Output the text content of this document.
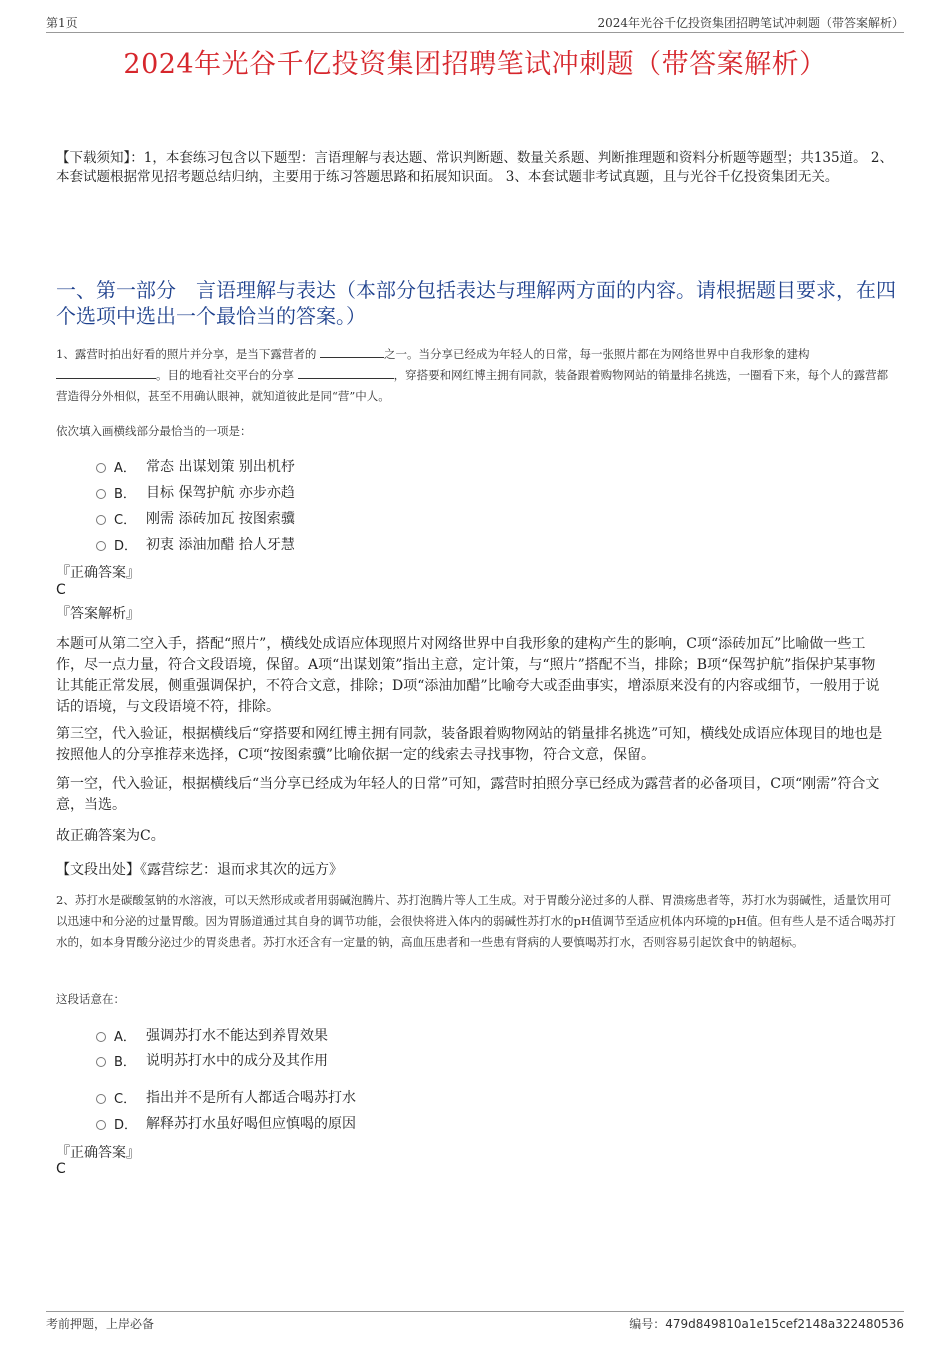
第1页	2024年光谷千亿投资集团招聘笔试冲刺题（带答案解析）
2024年光谷千亿投资集团招聘笔试冲刺题（带答案解析）
【下载须知】：1，本套练习包含以下题型：言语理解与表达题、常识判断题、数量关系题、判断推理题和资料分析题等题型；共135道。 2、本套试题根据常见招考题总结归纳，主要用于练习答题思路和拓展知识面。 3、本套试题非考试真题，且与光谷千亿投资集团无关。
一、第一部分　言语理解与表达（本部分包括表达与理解两方面的内容。请根据题目要求，在四个选项中选出一个最恰当的答案。）
1、露营时拍出好看的照片并分享，是当下露营者的	之一。当分享已经成为年轻人的日常，每一张照片都在为网络世界中自我形象的建构 。目的地看社交平台的分享	，穿搭要和网红博主拥有同款，装备跟着购物网站的销量排名挑选，一圈看下来，每个人的露营都营造得分外相似，甚至不用确认眼神，就知道彼此是同“营”中人。
依次填入画横线部分最恰当的一项是：
A． 常态 出谋划策 别出机杼
B． 目标 保驾护航 亦步亦趋
C． 刚需 添砖加瓦 按图索骥
D． 初衷 添油加醋 拾人牙慧
『正确答案』
C
『答案解析』
本题可从第二空入手，搭配“照片”，横线处成语应体现照片对网络世界中自我形象的建构产生的影响，C项“添砖加瓦”比喻做一些工作，尽一点力量，符合文段语境，保留。A项“出谋划策”指出主意，定计策，与“照片”搭配不当，排除；B项“保驾护航”指保护某事物让其能正常发展，侧重强调保护，不符合文意，排除；D项“添油加醋”比喻夸大或歪曲事实，增添原来没有的内容或细节，一般用于说话的语境，与文段语境不符，排除。
第三空，代入验证，根据横线后“穿搭要和网红博主拥有同款，装备跟着购物网站的销量排名挑选”可知，横线处成语应体现目的地也是按照他人的分享推荐来选择，C项“按图索骥”比喻依据一定的线索去寻找事物，符合文意，保留。
第一空，代入验证，根据横线后“当分享已经成为年轻人的日常”可知，露营时拍照分享已经成为露营者的必备项目，C项“刚需”符合文意，当选。
故正确答案为C。
【文段出处】《露营综艺：退而求其次的远方》
2、苏打水是碳酸氢钠的水溶液，可以天然形成或者用弱碱泡腾片、苏打泡腾片等人工生成。对于胃酸分泌过多的人群、胃溃疡患者等，苏打水为弱碱性，适量饮用可以迅速中和分泌的过量胃酸。因为胃肠道通过其自身的调节功能，会很快将进入体内的弱碱性苏打水的pH值调节至适应机体内环境的pH值。但有些人是不适合喝苏打水的，如本身胃酸分泌过少的胃炎患者。苏打水还含有一定量的钠，高血压患者和一些患有肾病的人要慎喝苏打水，否则容易引起饮食中的钠超标。
这段话意在：
A． 强调苏打水不能达到养胃效果
B． 说明苏打水中的成分及其作用
C． 指出并不是所有人都适合喝苏打水
D． 解释苏打水虽好喝但应慎喝的原因
『正确答案』
C
考前押题，上岸必备	编号：479d849810a1e15cef2148a322480536
